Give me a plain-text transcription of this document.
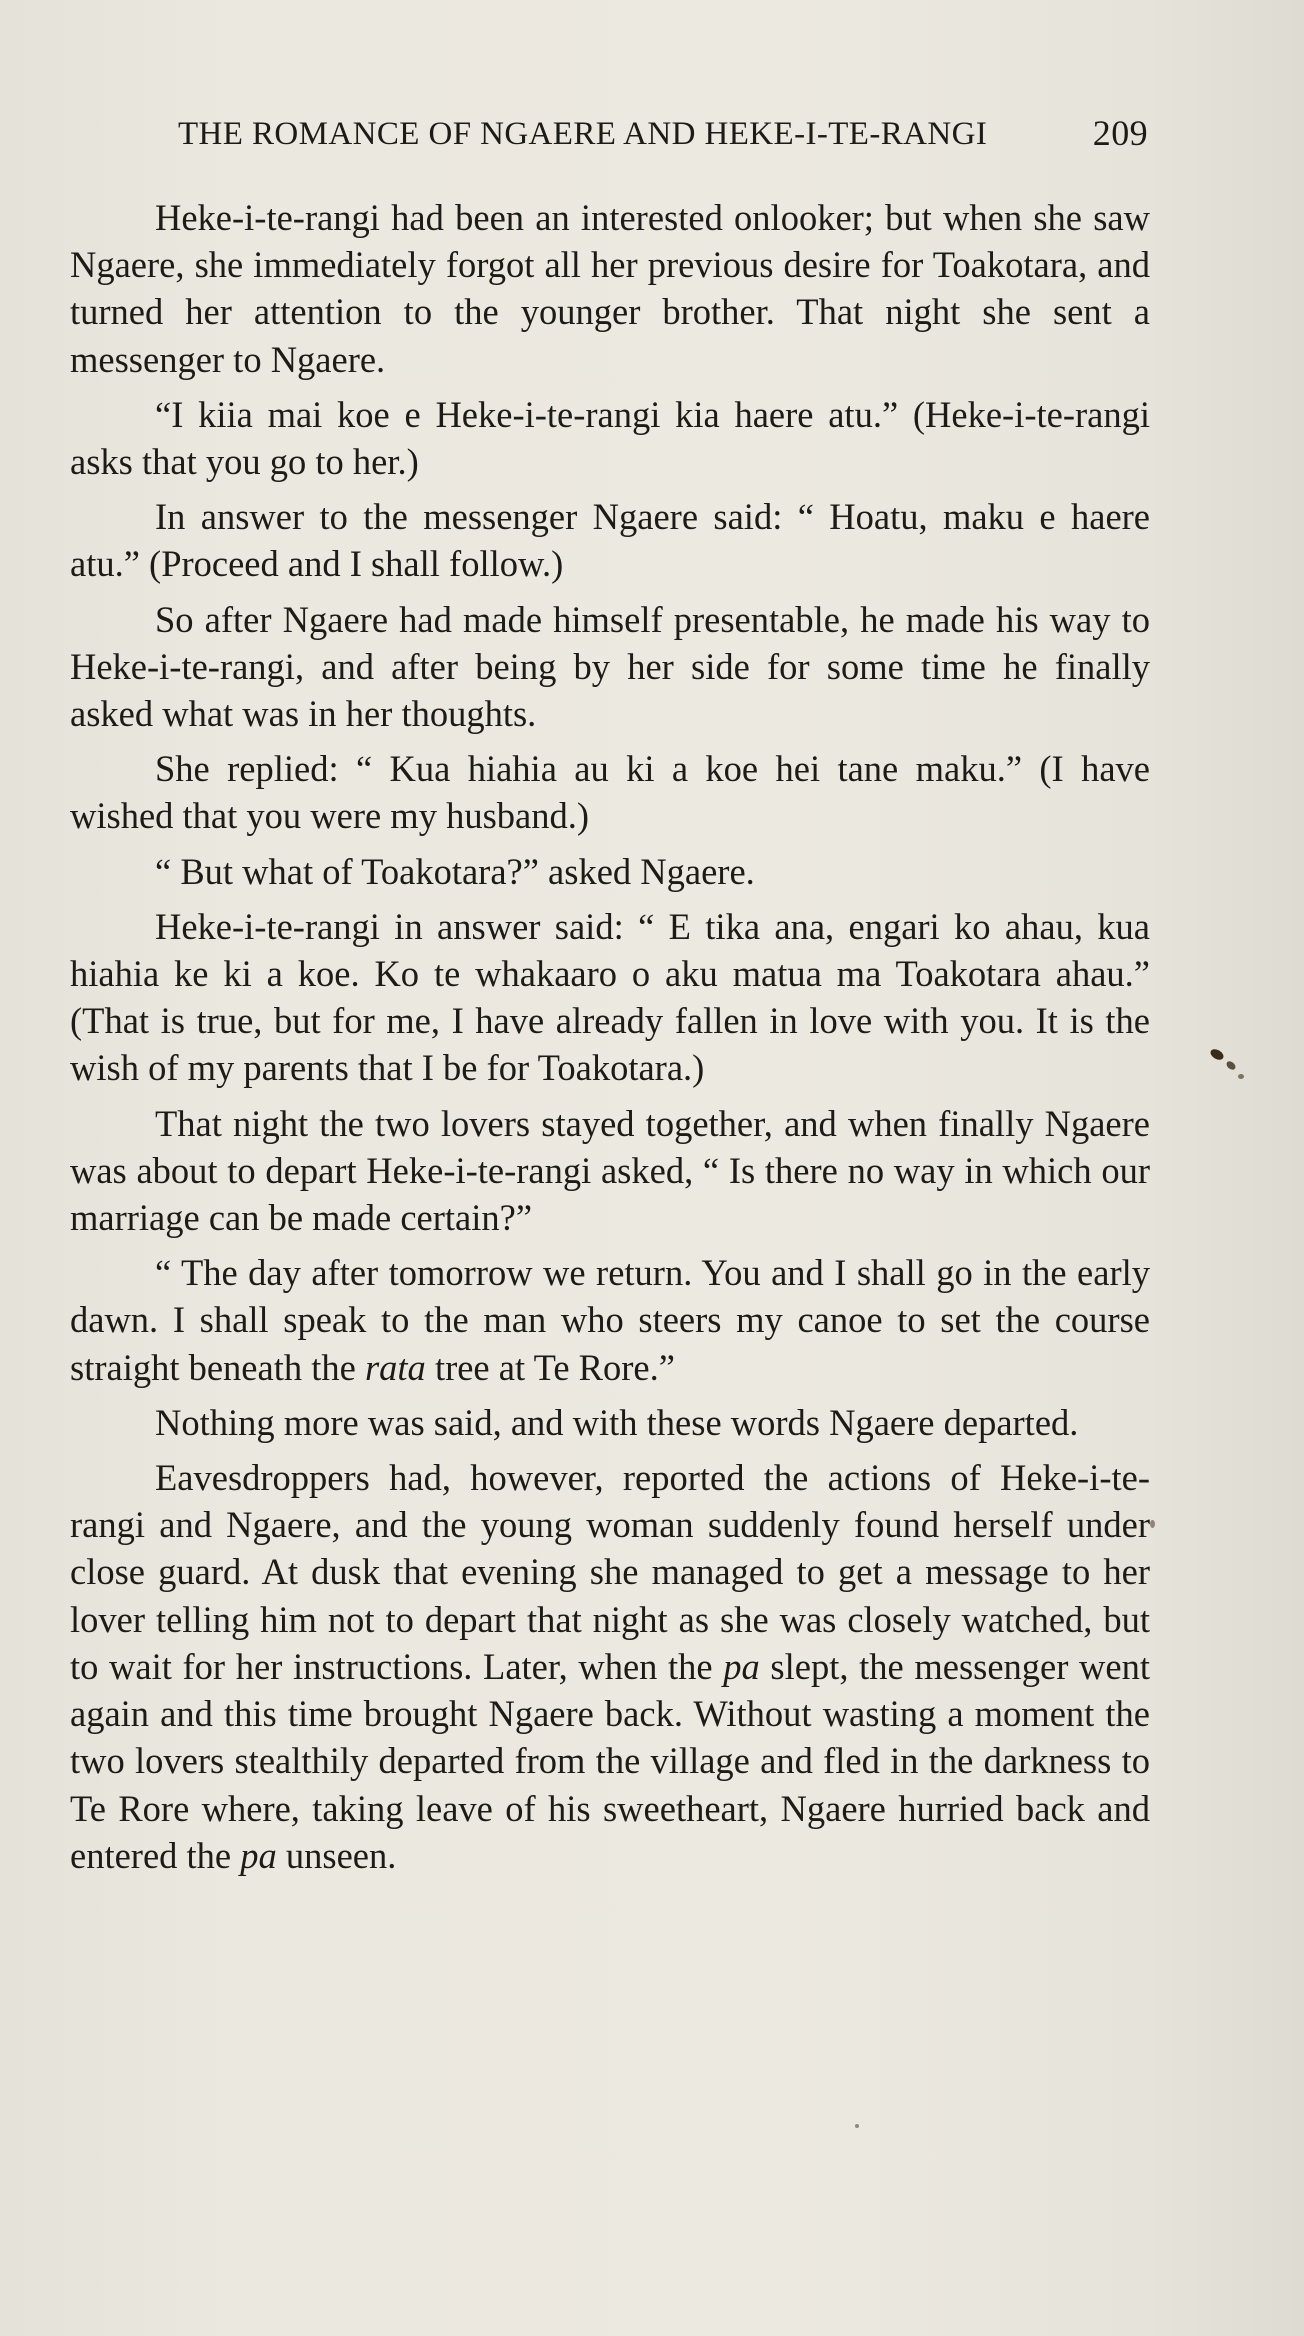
THE ROMANCE OF NGAERE AND HEKE-I-TE-RANGI	209

Heke-i-te-rangi had been an interested onlooker; but when she saw Ngaere, she immediately forgot all her previous desire for Toakotara, and turned her attention to the younger brother. That night she sent a messenger to Ngaere.

“I kiia mai koe e Heke-i-te-rangi kia haere atu.” (Heke-i-te-rangi asks that you go to her.)

In answer to the messenger Ngaere said: “ Hoatu, maku e haere atu.” (Proceed and I shall follow.)

So after Ngaere had made himself presentable, he made his way to Heke-i-te-rangi, and after being by her side for some time he finally asked what was in her thoughts.

She replied: “ Kua hiahia au ki a koe hei tane maku.” (I have wished that you were my husband.)

“ But what of Toakotara?” asked Ngaere.

Heke-i-te-rangi in answer said: “ E tika ana, engari ko ahau, kua hiahia ke ki a koe. Ko te whakaaro o aku matua ma Toakotara ahau.” (That is true, but for me, I have already fallen in love with you. It is the wish of my parents that I be for Toakotara.)

That night the two lovers stayed together, and when finally Ngaere was about to depart Heke-i-te-rangi asked, “ Is there no way in which our marriage can be made certain?”

“ The day after tomorrow we return. You and I shall go in the early dawn. I shall speak to the man who steers my canoe to set the course straight beneath the rata tree at Te Rore.”

Nothing more was said, and with these words Ngaere departed.

Eavesdroppers had, however, reported the actions of Heke-i-te-rangi and Ngaere, and the young woman suddenly found herself under close guard. At dusk that evening she managed to get a message to her lover telling him not to depart that night as she was closely watched, but to wait for her instructions. Later, when the pa slept, the messenger went again and this time brought Ngaere back. Without wasting a moment the two lovers stealthily departed from the village and fled in the darkness to Te Rore where, taking leave of his sweetheart, Ngaere hurried back and entered the pa unseen.
